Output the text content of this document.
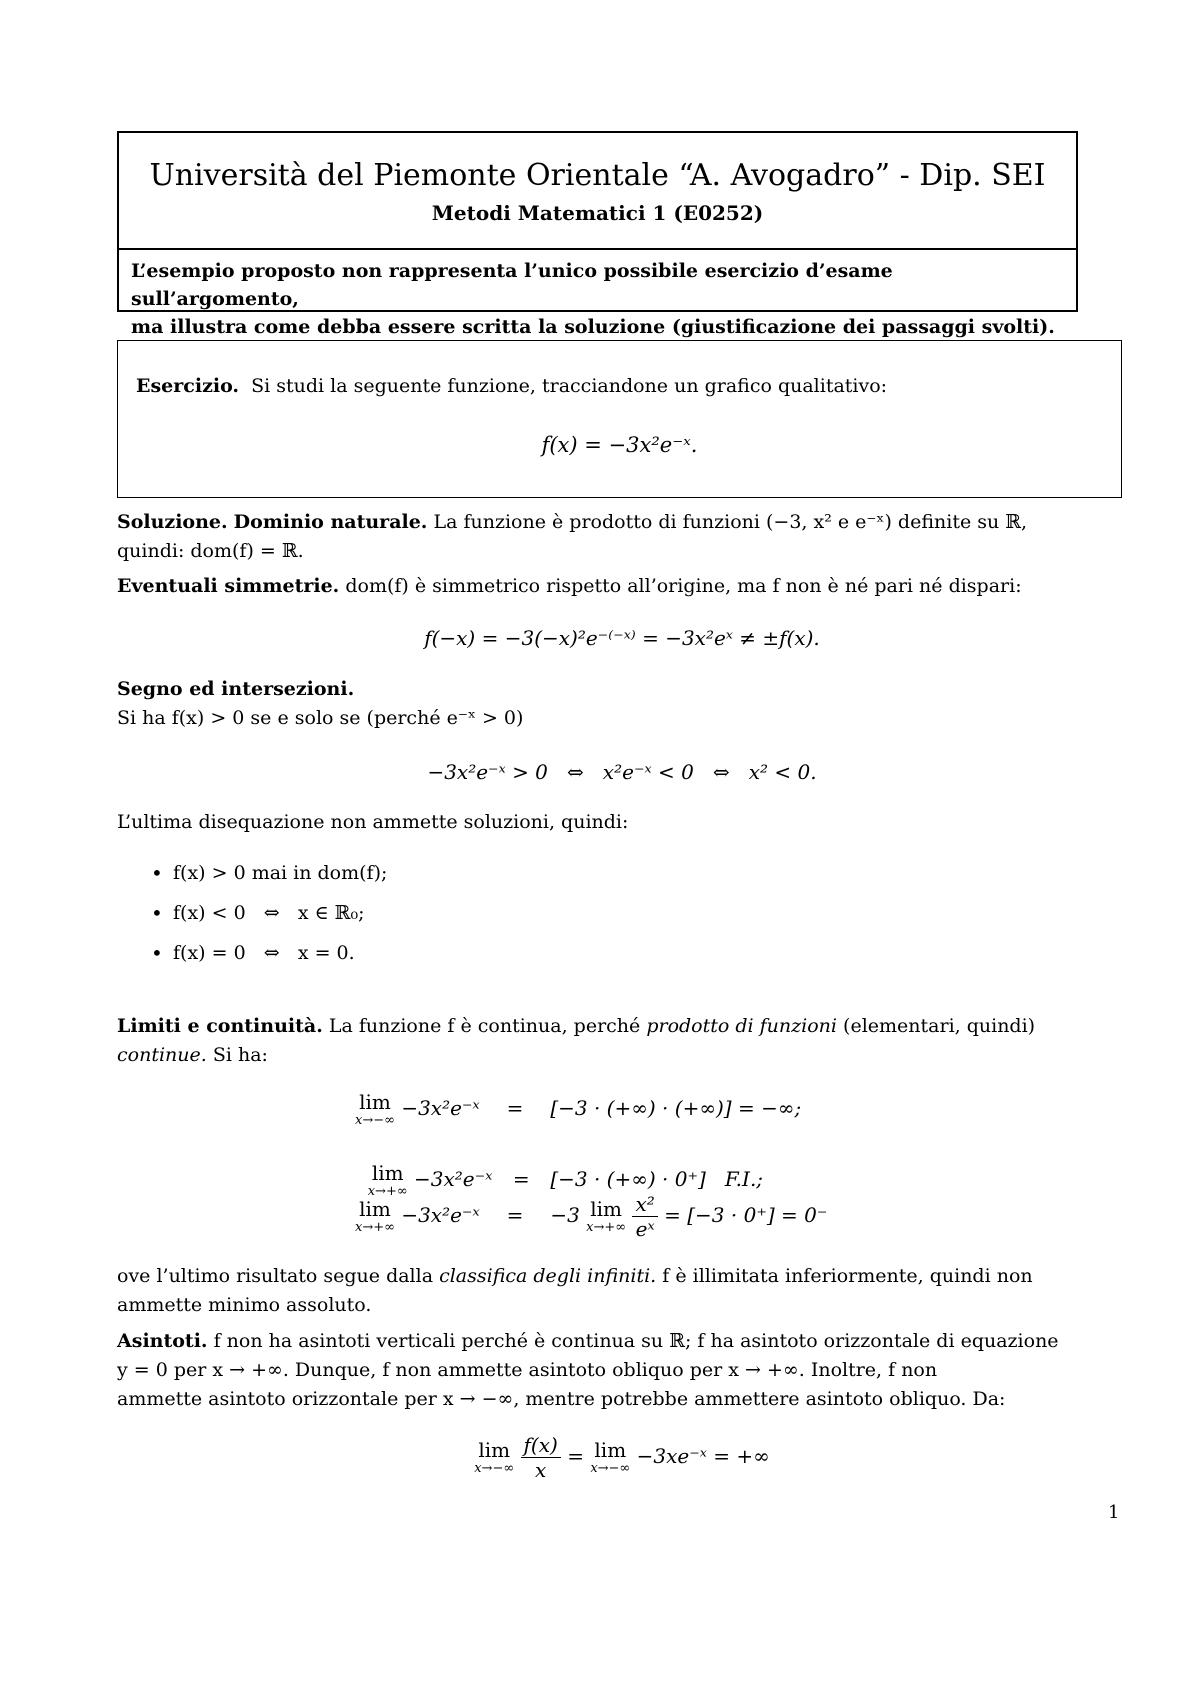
Università del Piemonte Orientale “A. Avogadro” - Dip. SEI
Metodi Matematici 1 (E0252)
L’esempio proposto non rappresenta l’unico possibile esercizio d’esame sull’argomento,
ma illustra come debba essere scritta la soluzione (giustificazione dei passaggi svolti).
Esercizio. Si studi la seguente funzione, tracciandone un grafico qualitativo:
f(x) = −3x²e⁻ˣ.
Soluzione. Dominio naturale. La funzione è prodotto di funzioni (−3, x² e e⁻ˣ) definite su ℝ,
quindi: dom(f) = ℝ.
Eventuali simmetrie. dom(f) è simmetrico rispetto all’origine, ma f non è né pari né dispari:
f(−x) = −3(−x)²e⁻⁽⁻ˣ⁾ = −3x²eˣ ≠ ±f(x).
Segno ed intersezioni.
Si ha f(x) > 0 se e solo se (perché e⁻ˣ > 0)
−3x²e⁻ˣ > 0   ⇔   x²e⁻ˣ < 0   ⇔   x² < 0.
L’ultima disequazione non ammette soluzioni, quindi:
• f(x) > 0 mai in dom(f);
• f(x) < 0   ⇔   x ∈ ℝ₀;
• f(x) = 0   ⇔   x = 0.
Limiti e continuità. La funzione f è continua, perché prodotto di funzioni (elementari, quindi)
continue. Si ha:
lim
x→−∞
−3x²e⁻ˣ = [−3 · (+∞) · (+∞)] = −∞;

lim
x→+∞
−3x²e⁻ˣ = [−3 · (+∞) · 0⁺]   F.I.;

lim
x→+∞
−3x²e⁻ˣ = −3 lim
x→+∞
$\frac{\text{x²}}{\text{eˣ}} = [-3 \cdot 0^+] = 0^-$
ove l’ultimo risultato segue dalla classifica degli infiniti. f è illimitata inferiormente, quindi non
ammette minimo assoluto.
Asintoti. f non ha asintoti verticali perché è continua su ℝ; f ha asintoto orizzontale di equazione
y = 0 per x → +∞. Dunque, f non ammette asintoto obliquo per x → +∞. Inoltre, f non
ammette asintoto orizzontale per x → −∞, mentre potrebbe ammettere asintoto obliquo. Da:
lim
x→−∞
$\frac{f(x)}{x} = \lim$
x→−∞
−3xe⁻ˣ = +∞
1
